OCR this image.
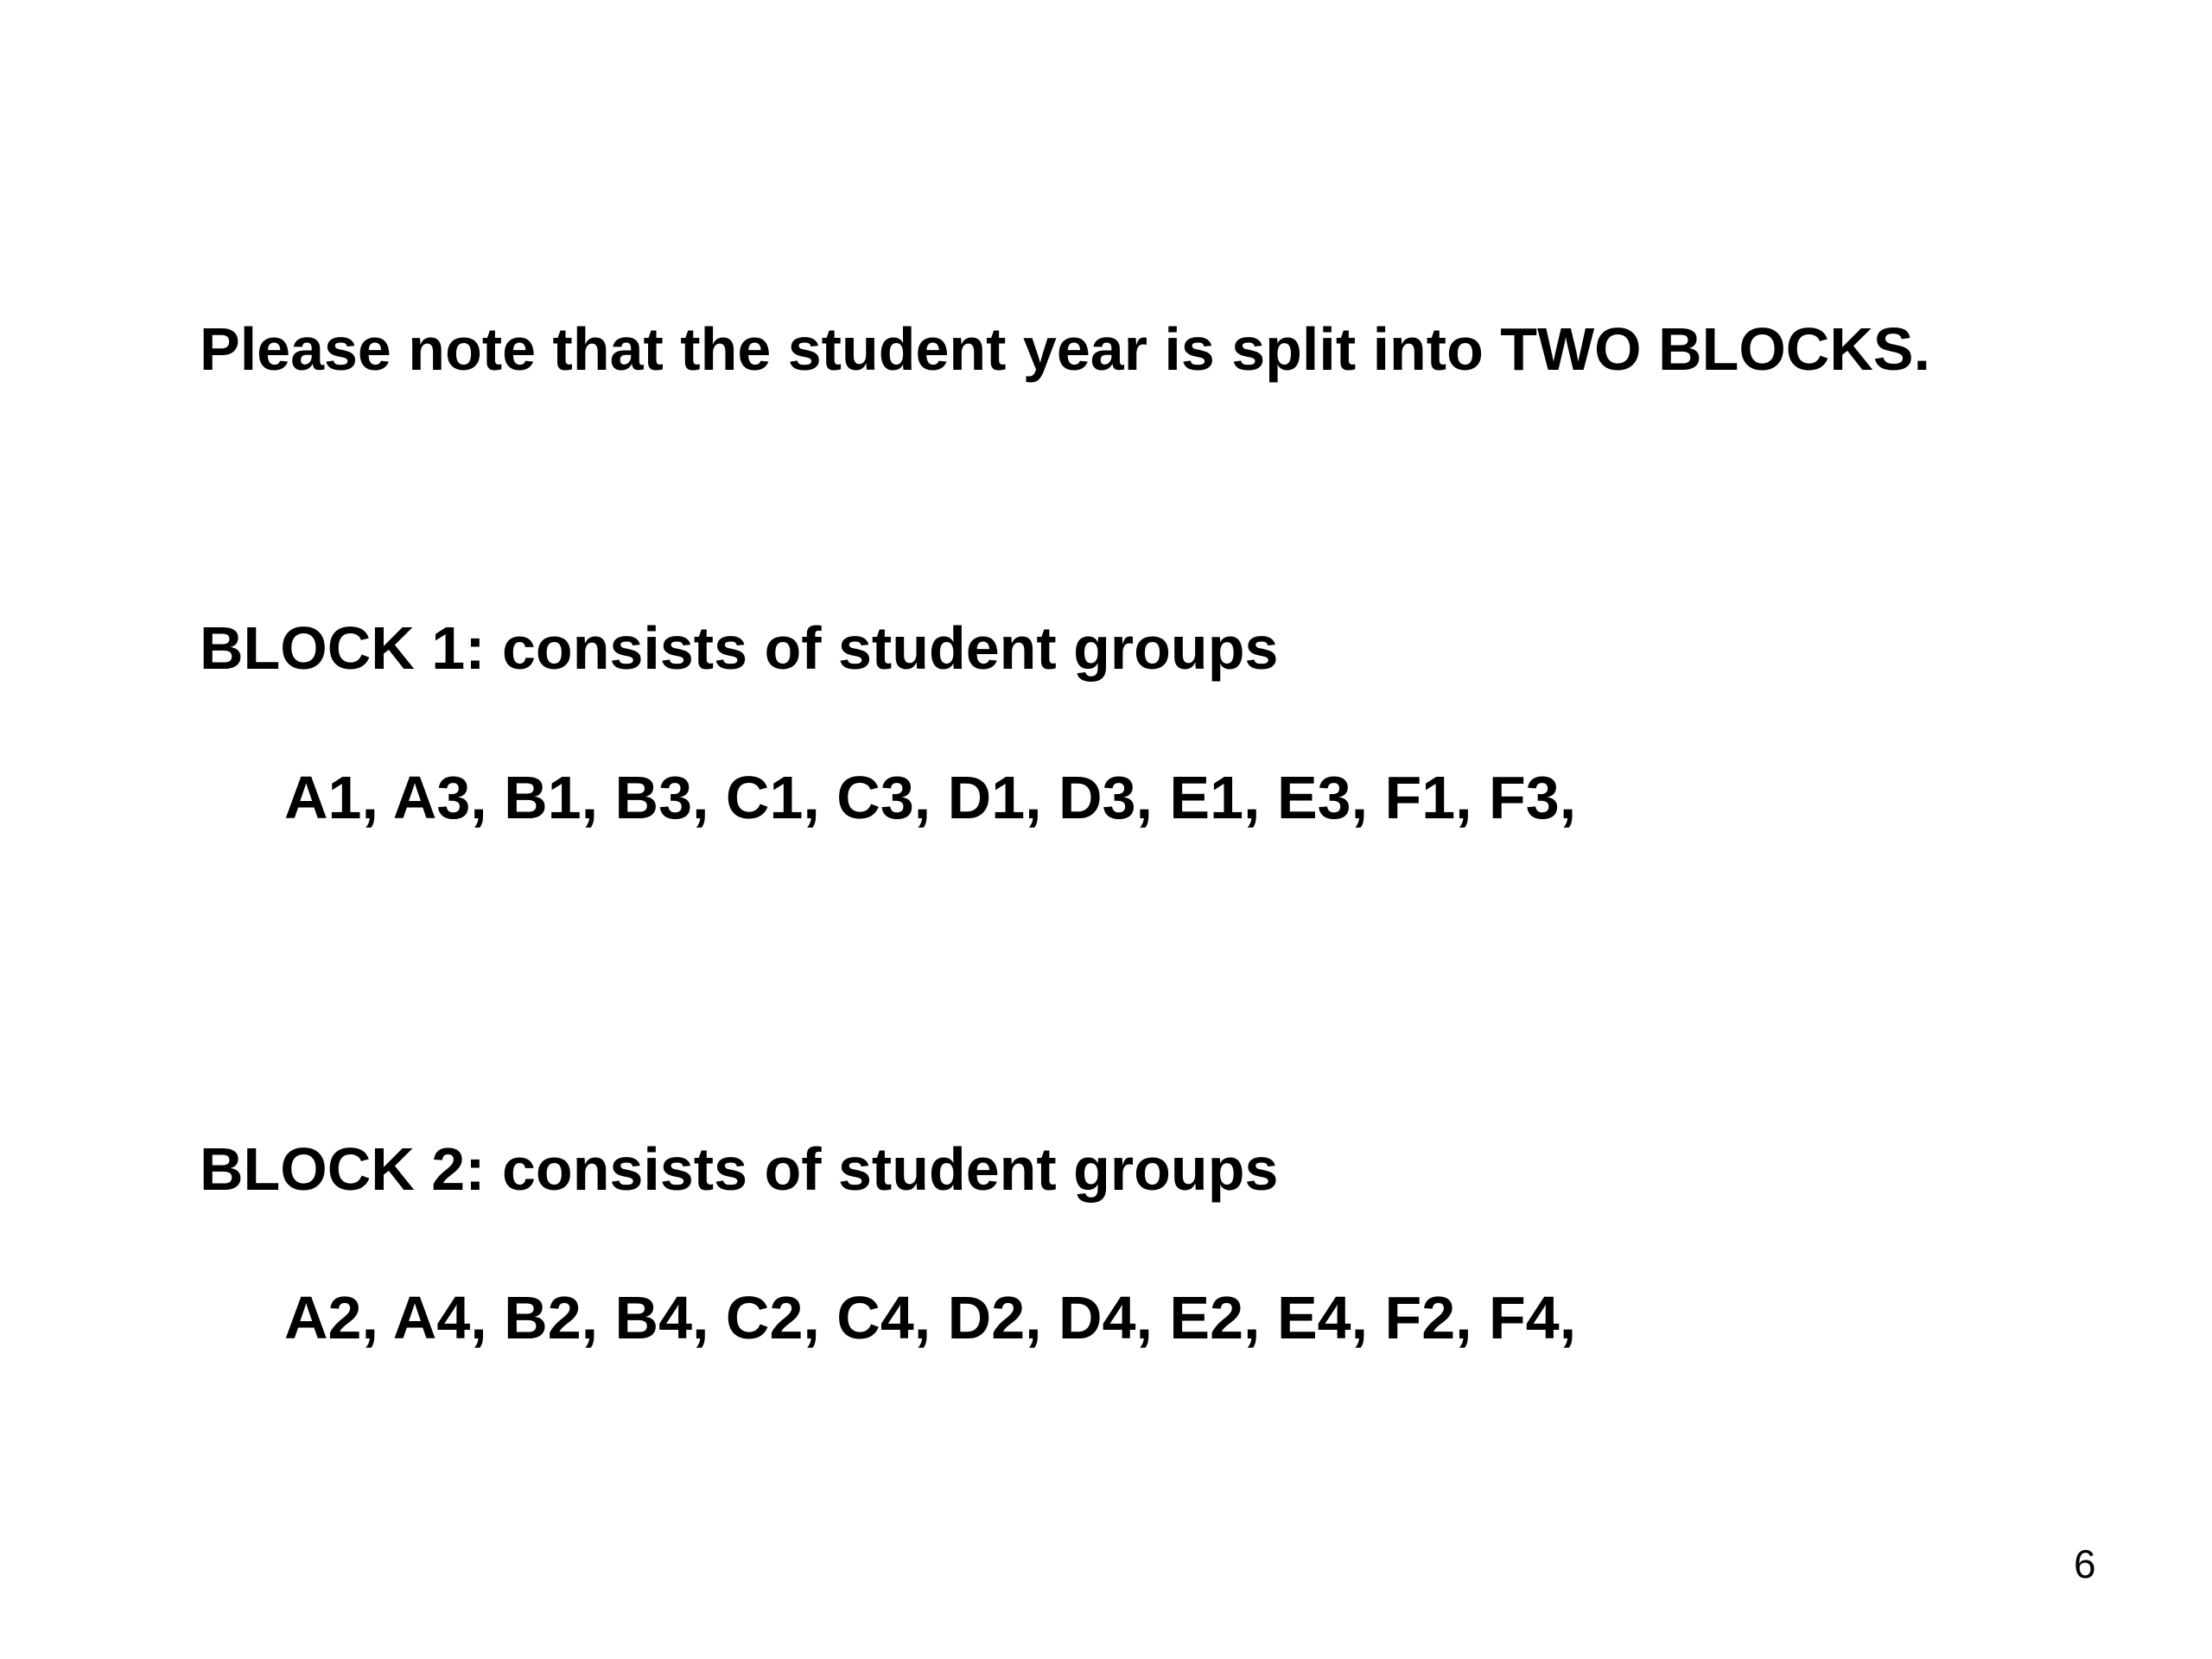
Please note that the student year is split into TWO BLOCKS.
BLOCK 1: consists of student groups
A1, A3, B1, B3, C1, C3, D1, D3, E1, E3, F1, F3,
BLOCK 2: consists of student groups
A2, A4, B2, B4, C2, C4, D2, D4, E2, E4, F2, F4,
6
